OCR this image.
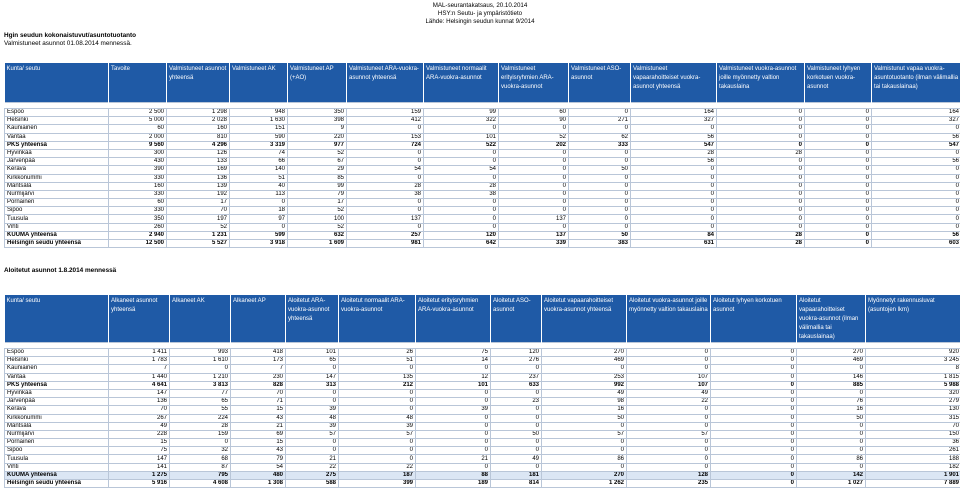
MAL-seurantakatsaus, 20.10.2014
HSY:n Seutu- ja ympäristötieto
Lähde: Helsingin seudun kunnat 9/2014
Hgin seudun kokonaistuvut/asuntotuotanto
Valmistuneet asunnot 01.08.2014 mennessä.
Kunta/ seutu	Tavoite	Valmistuneet asunnot yhteensä	Valmistuneet AK	Valmistuneet AP (+AO)	Valmistuneet ARA-vuokra-asunnot yhteensä	Valmistuneet normaalit ARA-vuokra-asunnot	Valmistuneet erityisryhmien ARA-vuokra-asunnot	Valmistuneet ASO-asunnot	Valmistuneet vapaarahoitteiset vuokra-asunnot yhteensä	Valmistuneet vuokra-asunnot joille myönnetty valtion takauslaina	Valmistuneet lyhyen korkotuen vuokra-asunnot	Valmistunut vapaa vuokra-asuntotuotanto (ilman välimallia tai takauslainaa)

Espoo	2 500	1 298	948	350	159	99	60	0	164	0	0	164
Helsinki	5 000	2 028	1 630	398	412	322	90	271	327	0	0	327
Kauniainen	60	160	151	9	0	0	0	0	0	0	0	0
Vantaa	2 000	810	590	220	153	101	52	62	56	0	0	56
PKS yhteensä	9 560	4 296	3 319	977	724	522	202	333	547	0	0	547
Hyvinkää	300	126	74	52	0	0	0	0	28	28	0	0
Järvenpää	430	133	66	67	0	0	0	0	56	0	0	56
Kerava	390	169	140	29	54	54	0	50	0	0	0	0
Kirkkonummi	330	136	51	85	0	0	0	0	0	0	0	0
Mäntsälä	160	139	40	99	28	28	0	0	0	0	0	0
Nurmijärvi	330	192	113	79	38	38	0	0	0	0	0	0
Pornainen	60	17	0	17	0	0	0	0	0	0	0	0
Sipoo	330	70	18	52	0	0	0	0	0	0	0	0
Tuusula	350	197	97	100	137	0	137	0	0	0	0	0
Vihti	260	52	0	52	0	0	0	0	0	0	0	0
KUUMA yhteensä	2 940	1 231	599	632	257	120	137	50	84	28	0	56
Helsingin seudu yhteensä	12 500	5 527	3 918	1 609	981	642	339	383	631	28	0	603
Aloitetut asunnot 1.8.2014 mennessä
Kunta/ seutu	Alkaneet asunnot yhteensä	Alkaneet AK	Alkaneet AP	Aloitetut ARA-vuokra-asunnot yhteensä	Aloitetut normaalit ARA-vuokra-asunnot	Aloitetut erityisryhmien ARA-vuokra-asunnot	Aloitetut ASO-asunnot	Aloitetut vapaarahoitteiset vuokra-asunnot yhteensä	Aloitetut vuokra-asunnot joille myönnetty valtion takauslaina	Aloitetut lyhyen korkotuen asunnot	Aloitetut vapaarahoitteiset vuokra-asunnot (ilman välimallia tai takauslainaa)	Myönnetyt rakennusluvat (asuntojen lkm)

Espoo	1 411	993	418	101	26	75	120	270	0	0	270	920
Helsinki	1 783	1 610	173	65	51	14	276	469	0	0	469	3 245
Kauniainen	7	0	7	0	0	0	0	0	0	0	0	8
Vantaa	1 440	1 210	230	147	135	12	237	253	107	0	146	1 815
PKS yhteensä	4 641	3 813	828	313	212	101	633	992	107	0	885	5 988
Hyvinkää	147	77	70	0	0	0	0	49	49	0	0	320
Järvenpää	136	65	71	0	0	0	23	98	22	0	76	279
Kerava	70	55	15	39	0	39	0	16	0	0	16	130
Kirkkonummi	267	224	43	48	48	0	0	50	0	0	50	315
Mäntsälä	49	28	21	39	39	0	0	0	0	0	0	70
Nurmijärvi	228	159	69	57	57	0	50	57	57	0	0	150
Pornainen	15	0	15	0	0	0	0	0	0	0	0	36
Sipoo	75	32	43	0	0	0	0	0	0	0	0	261
Tuusula	147	68	79	21	0	21	49	86	0	0	86	188
Vihti	141	87	54	22	22	0	0	0	0	0	0	182
KUUMA yhteensä	1 275	795	480	275	187	88	181	270	128	0	142	1 901
Helsingin seudu yhteensä	5 916	4 608	1 308	588	399	189	814	1 262	235	0	1 027	7 889
